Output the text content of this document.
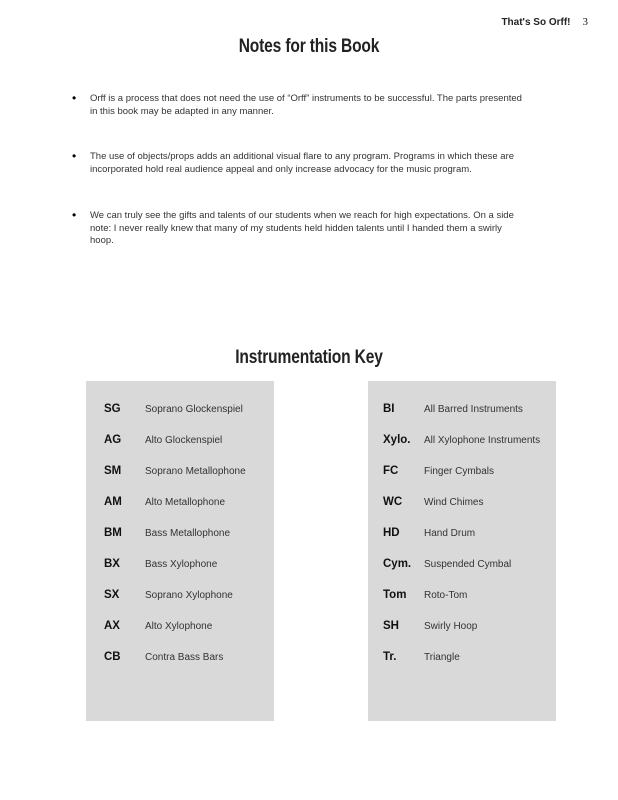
That's So Orff! 3
Notes for this Book
• Orff is a process that does not need the use of “Orff” instruments to be successful. The parts presented in this book may be adapted in any manner.
• The use of objects/props adds an additional visual flare to any program. Programs in which these are incorporated hold real audience appeal and only increase advocacy for the music program.
• We can truly see the gifts and talents of our students when we reach for high expectations. On a side note: I never really knew that many of my students held hidden talents until I handed them a swirly hoop.
Instrumentation Key
SG	Soprano Glockenspiel
AG	Alto Glockenspiel
SM	Soprano Metallophone
AM	Alto Metallophone
BM	Bass Metallophone
BX	Bass Xylophone
SX	Soprano Xylophone
AX	Alto Xylophone
CB	Contra Bass Bars
BI	All Barred Instruments
Xylo.	All Xylophone Instruments
FC	Finger Cymbals
WC	Wind Chimes
HD	Hand Drum
Cym.	Suspended Cymbal
Tom	Roto-Tom
SH	Swirly Hoop
Tr.	Triangle
